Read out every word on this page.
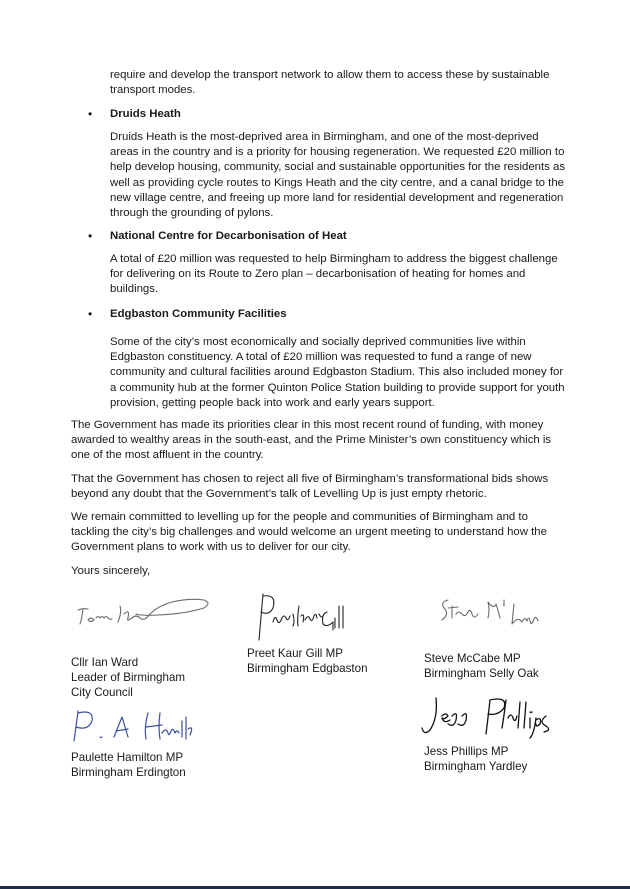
require and develop the transport network to allow them to access these by sustainable transport modes.

• Druids Heath

Druids Heath is the most-deprived area in Birmingham, and one of the most-deprived areas in the country and is a priority for housing regeneration. We requested £20 million to help develop housing, community, social and sustainable opportunities for the residents as well as providing cycle routes to Kings Heath and the city centre, and a canal bridge to the new village centre, and freeing up more land for residential development and regeneration through the grounding of pylons.

• National Centre for Decarbonisation of Heat

A total of £20 million was requested to help Birmingham to address the biggest challenge for delivering on its Route to Zero plan – decarbonisation of heating for homes and buildings.

• Edgbaston Community Facilities

Some of the city’s most economically and socially deprived communities live within Edgbaston constituency. A total of £20 million was requested to fund a range of new community and cultural facilities around Edgbaston Stadium. This also included money for a community hub at the former Quinton Police Station building to provide support for youth provision, getting people back into work and early years support.

The Government has made its priorities clear in this most recent round of funding, with money awarded to wealthy areas in the south-east, and the Prime Minister’s own constituency which is one of the most affluent in the country.

That the Government has chosen to reject all five of Birmingham’s transformational bids shows beyond any doubt that the Government’s talk of Levelling Up is just empty rhetoric.

We remain committed to levelling up for the people and communities of Birmingham and to tackling the city’s big challenges and would welcome an urgent meeting to understand how the Government plans to work with us to deliver for our city.

Yours sincerely,

Cllr Ian Ward
Leader of Birmingham
City Council
Preet Kaur Gill MP
Birmingham Edgbaston
Steve McCabe MP
Birmingham Selly Oak
Paulette Hamilton MP
Birmingham Erdington
Jess Phillips MP
Birmingham Yardley
